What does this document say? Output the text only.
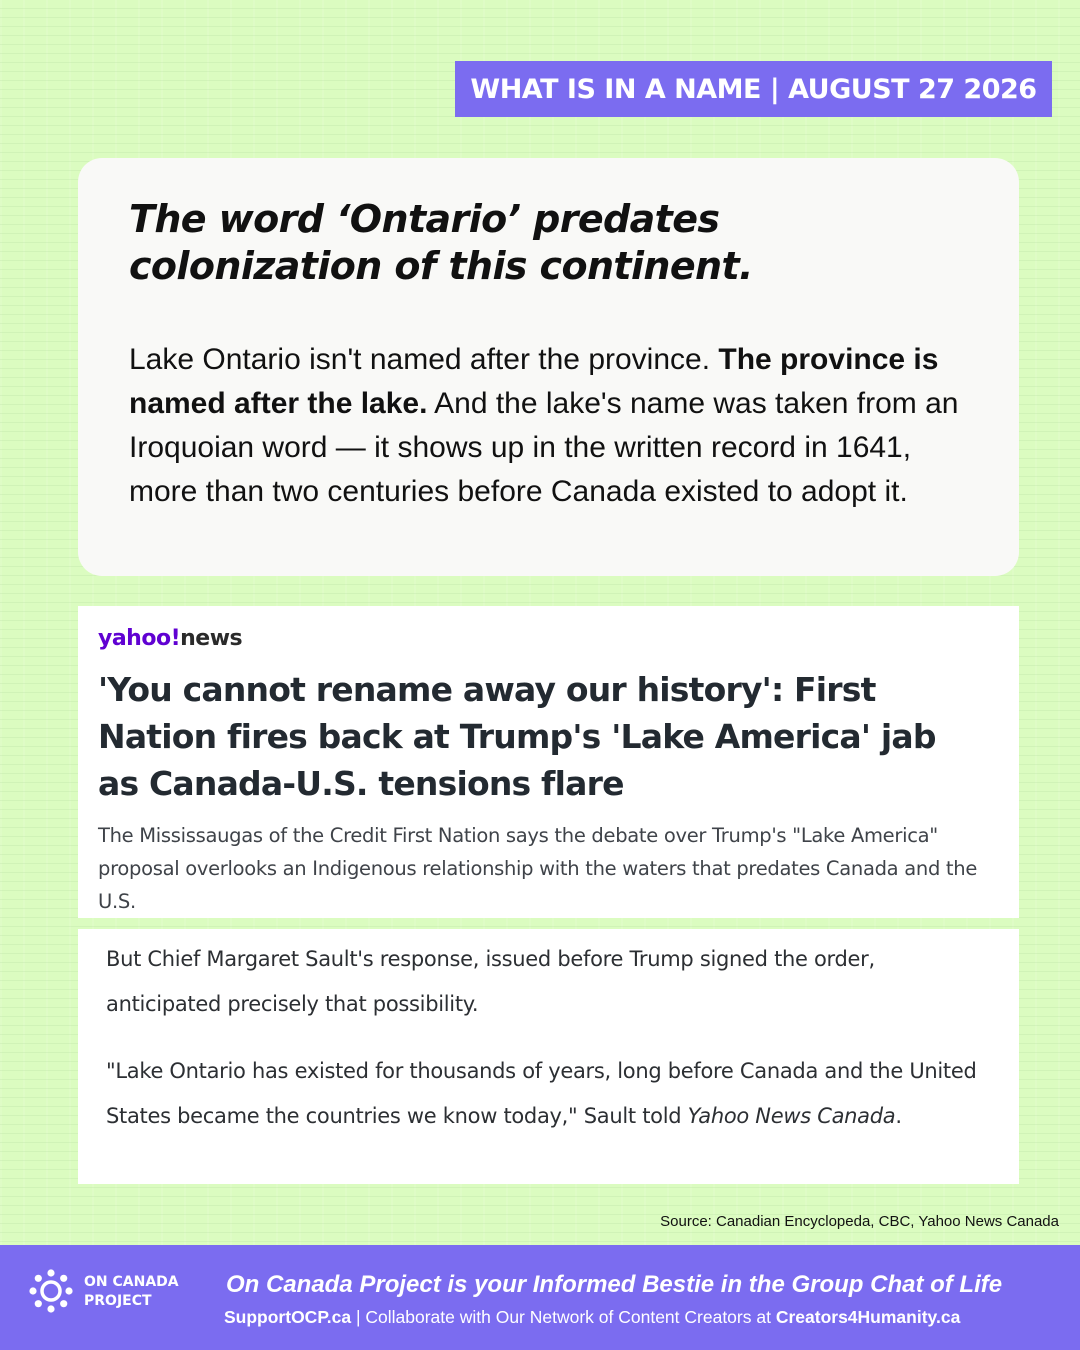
WHAT IS IN A NAME | AUGUST 27 2026
The word ‘Ontario’ predates
colonization of this continent.

Lake Ontario isn't named after the province. The province is named after the lake. And the lake's name was taken from an Iroquoian word — it shows up in the written record in 1641, more than two centuries before Canada existed to adopt it.

yahoo!news
'You cannot rename away our history': First Nation fires back at Trump's 'Lake America' jab as Canada-U.S. tensions flare

The Mississaugas of the Credit First Nation says the debate over Trump's "Lake America" proposal overlooks an Indigenous relationship with the waters that predates Canada and the U.S.

But Chief Margaret Sault's response, issued before Trump signed the order, anticipated precisely that possibility.

"Lake Ontario has existed for thousands of years, long before Canada and the United States became the countries we know today," Sault told Yahoo News Canada.

Source: Canadian Encyclopeda, CBC, Yahoo News Canada
ON CANADA
PROJECT
On Canada Project is your Informed Bestie in the Group Chat of Life
SupportOCP.ca | Collaborate with Our Network of Content Creators at Creators4Humanity.ca
